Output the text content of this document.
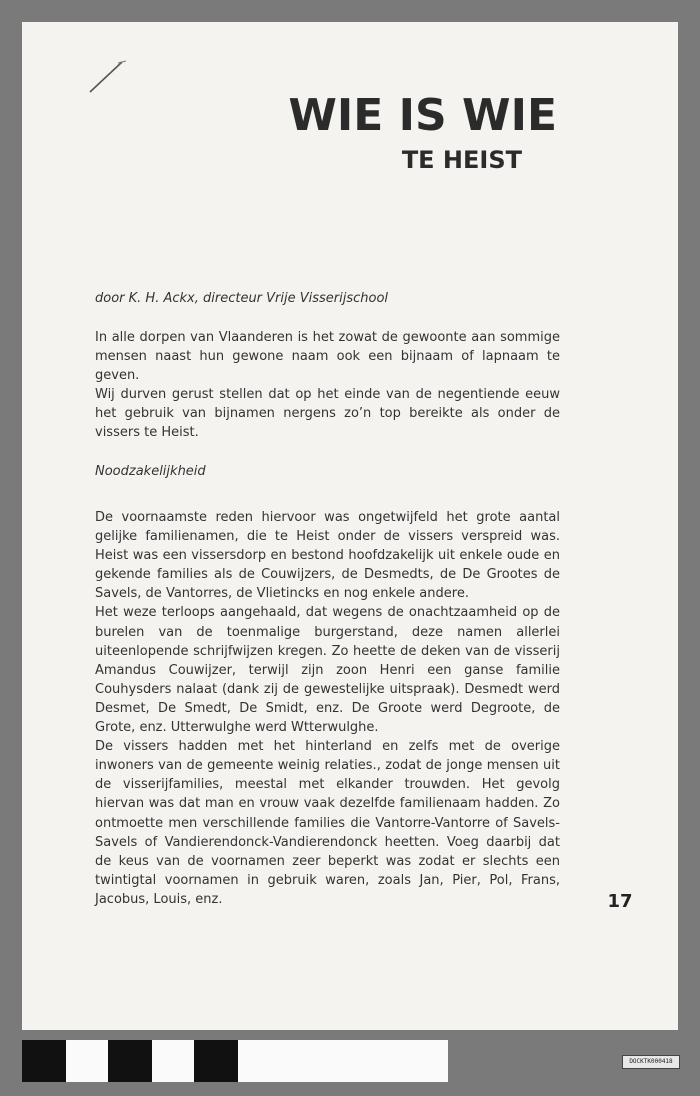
WIE IS WIE
TE HEIST

door K. H. Ackx, directeur Vrije Visserijschool

In alle dorpen van Vlaanderen is het zowat de gewoonte aan sommige mensen naast hun gewone naam ook een bijnaam of lapnaam te geven.

Wij durven gerust stellen dat op het einde van de negentiende eeuw het gebruik van bijnamen nergens zo’n top bereikte als onder de vissers te Heist.

Noodzakelijkheid

De voornaamste reden hiervoor was ongetwijfeld het grote aantal gelijke familienamen, die te Heist onder de vissers verspreid was. Heist was een vissersdorp en bestond hoofdzakelijk uit enkele oude en gekende families als de Couwijzers, de Desmedts, de De Grootes de Savels, de Vantorres, de Vlietincks en nog enkele andere.

Het weze terloops aangehaald, dat wegens de onachtzaamheid op de burelen van de toenmalige burgerstand, deze namen allerlei uiteenlopende schrijfwijzen kregen. Zo heette de deken van de visserij Amandus Couwijzer, terwijl zijn zoon Henri een ganse familie Couhysders nalaat (dank zij de gewestelijke uitspraak). Desmedt werd Desmet, De Smedt, De Smidt, enz. De Groote werd Degroote, de Grote, enz. Utterwulghe werd Wtterwulghe.

De vissers hadden met het hinterland en zelfs met de overige inwoners van de gemeente weinig relaties., zodat de jonge mensen uit de visserijfamilies, meestal met elkander trouwden. Het gevolg hiervan was dat man en vrouw vaak dezelfde familienaam hadden. Zo ontmoette men verschillende families die Vantorre-Vantorre of Savels-Savels of Vandierendonck-Vandierendonck heetten. Voeg daarbij dat de keus van de voornamen zeer beperkt was zodat er slechts een twintigtal voornamen in gebruik waren, zoals Jan, Pier, Pol, Frans, Jacobus, Louis, enz.	17

DOCKTK000418
